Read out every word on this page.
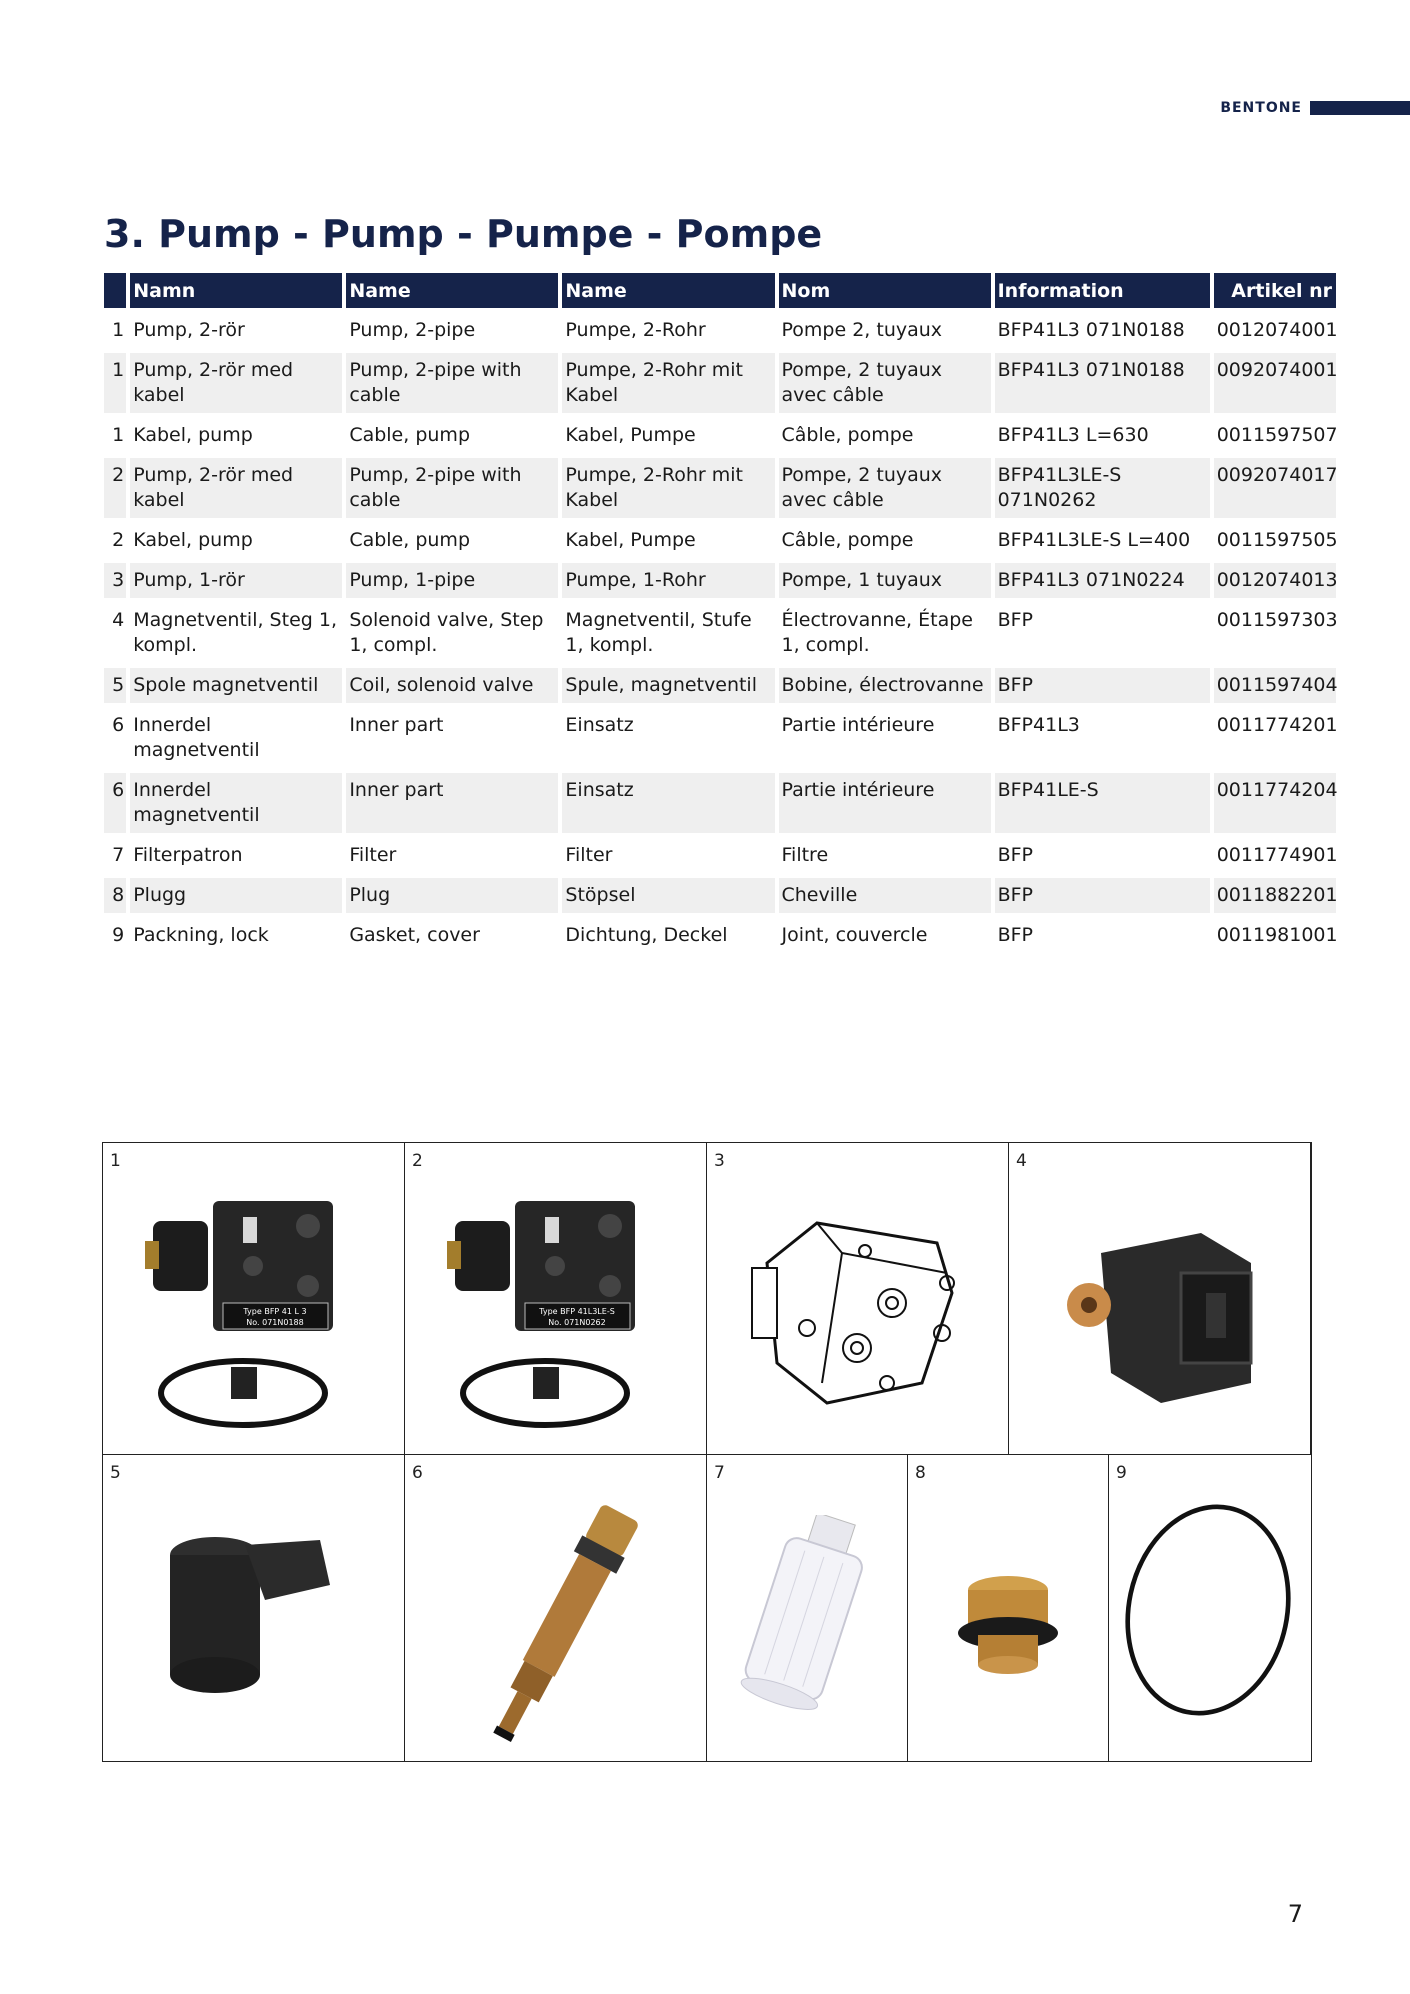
BENTONE
3. Pump - Pump - Pumpe - Pompe
	Namn	Name	Name	Nom	Information	Artikel nr
1	Pump, 2-rör	Pump, 2-pipe	Pumpe, 2-Rohr	Pompe 2, tuyaux	BFP41L3 071N0188	0012074001
1	Pump, 2-rör med kabel	Pump, 2-pipe with cable	Pumpe, 2-Rohr mit Kabel	Pompe, 2 tuyaux avec câble	BFP41L3 071N0188	0092074001
1	Kabel, pump	Cable, pump	Kabel, Pumpe	Câble, pompe	BFP41L3 L=630	0011597507
2	Pump, 2-rör med kabel	Pump, 2-pipe with cable	Pumpe, 2-Rohr mit Kabel	Pompe, 2 tuyaux avec câble	BFP41L3LE-S 071N0262	0092074017
2	Kabel, pump	Cable, pump	Kabel, Pumpe	Câble, pompe	BFP41L3LE-S L=400	0011597505
3	Pump, 1-rör	Pump, 1-pipe	Pumpe, 1-Rohr	Pompe, 1 tuyaux	BFP41L3 071N0224	0012074013
4	Magnetventil, Steg 1, kompl.	Solenoid valve, Step 1, compl.	Magnetventil, Stufe 1, kompl.	Électrovanne, Étape 1, compl.	BFP	0011597303
5	Spole magnetventil	Coil, solenoid valve	Spule, magnetventil	Bobine, électrovanne	BFP	0011597404
6	Innerdel magnetventil	Inner part	Einsatz	Partie intérieure	BFP41L3	0011774201
6	Innerdel magnetventil	Inner part	Einsatz	Partie intérieure	BFP41LE-S	0011774204
7	Filterpatron	Filter	Filter	Filtre	BFP	0011774901
8	Plugg	Plug	Stöpsel	Cheville	BFP	0011882201
9	Packning, lock	Gasket, cover	Dichtung, Deckel	Joint, couvercle	BFP	0011981001
1
Type BFP 41 L 3
No. 071N0188
2
Type BFP 41L3LE-S
No. 071N0262
3	4
5	6	7	8	9
7
